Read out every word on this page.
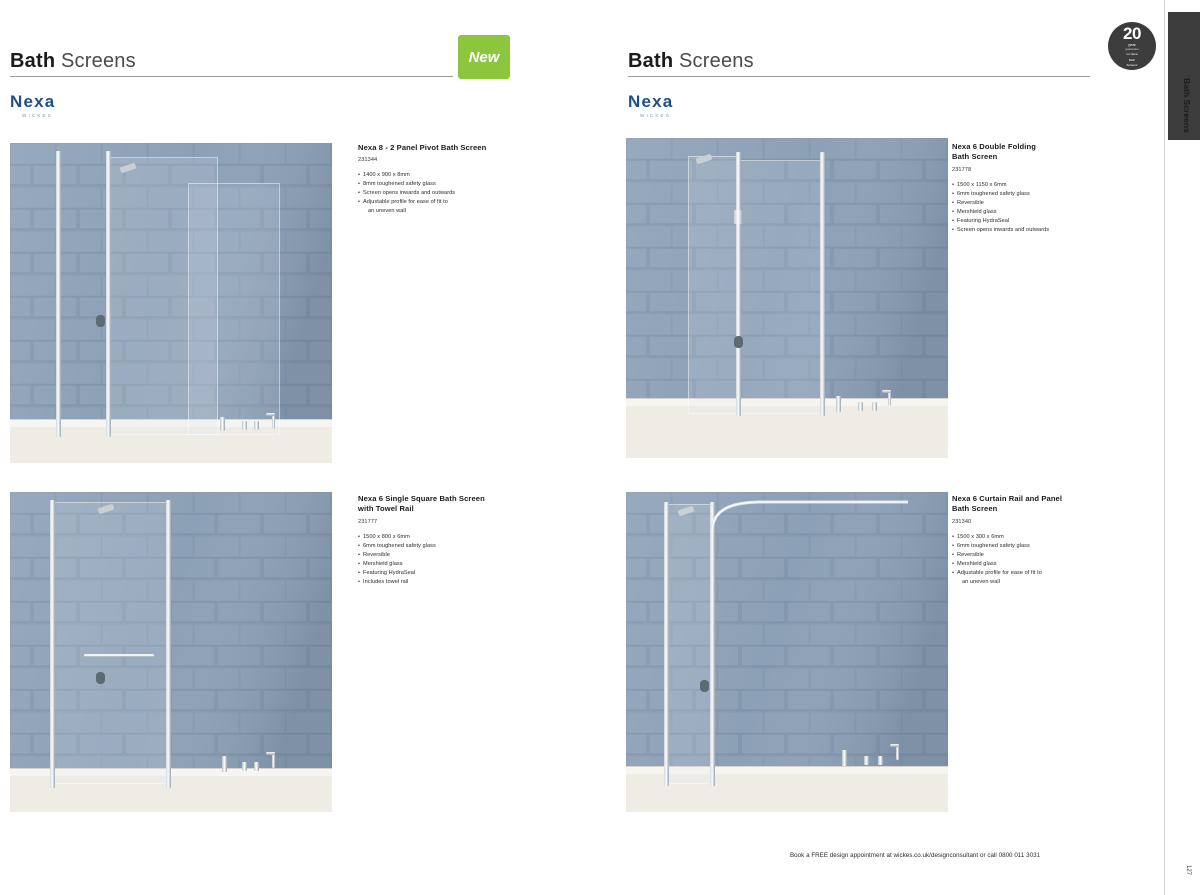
Bath Screens
Nexa
WICKES
New
Nexa 8 - 2 Panel Pivot Bath Screen
231344
• 1400 x 900 x 8mm
• 8mm toughened safety glass
• Screen opens inwards and outwards
• Adjustable profile for ease of fit to
an uneven wall
Nexa 6 Single Square Bath Screen
with Towel Rail
231777
• 1500 x 800 x 6mm
• 6mm toughened safety glass
• Reversible
• Mershield glass
• Featuring HydraSeal
• Includes towel rail
Bath Screens
Nexa
WICKES
Nexa 6 Double Folding
Bath Screen
231778
• 1500 x 1150 x 6mm
• 6mm toughened safety glass
• Reversible
• Mershield glass
• Featuring HydraSeal
• Screen opens inwards and outwards
Nexa 6 Curtain Rail and Panel
Bath Screen
231340
• 1500 x 300 x 6mm
• 6mm toughened safety glass
• Reversible
• Mershield glass
• Adjustable profile for ease of fit to
an uneven wall
20
year
guarantee
on Nexa
Bath
Screens
Book a FREE design appointment at wickes.co.uk/designconsultant or call 0800 011 3031
Bath Screens
127
